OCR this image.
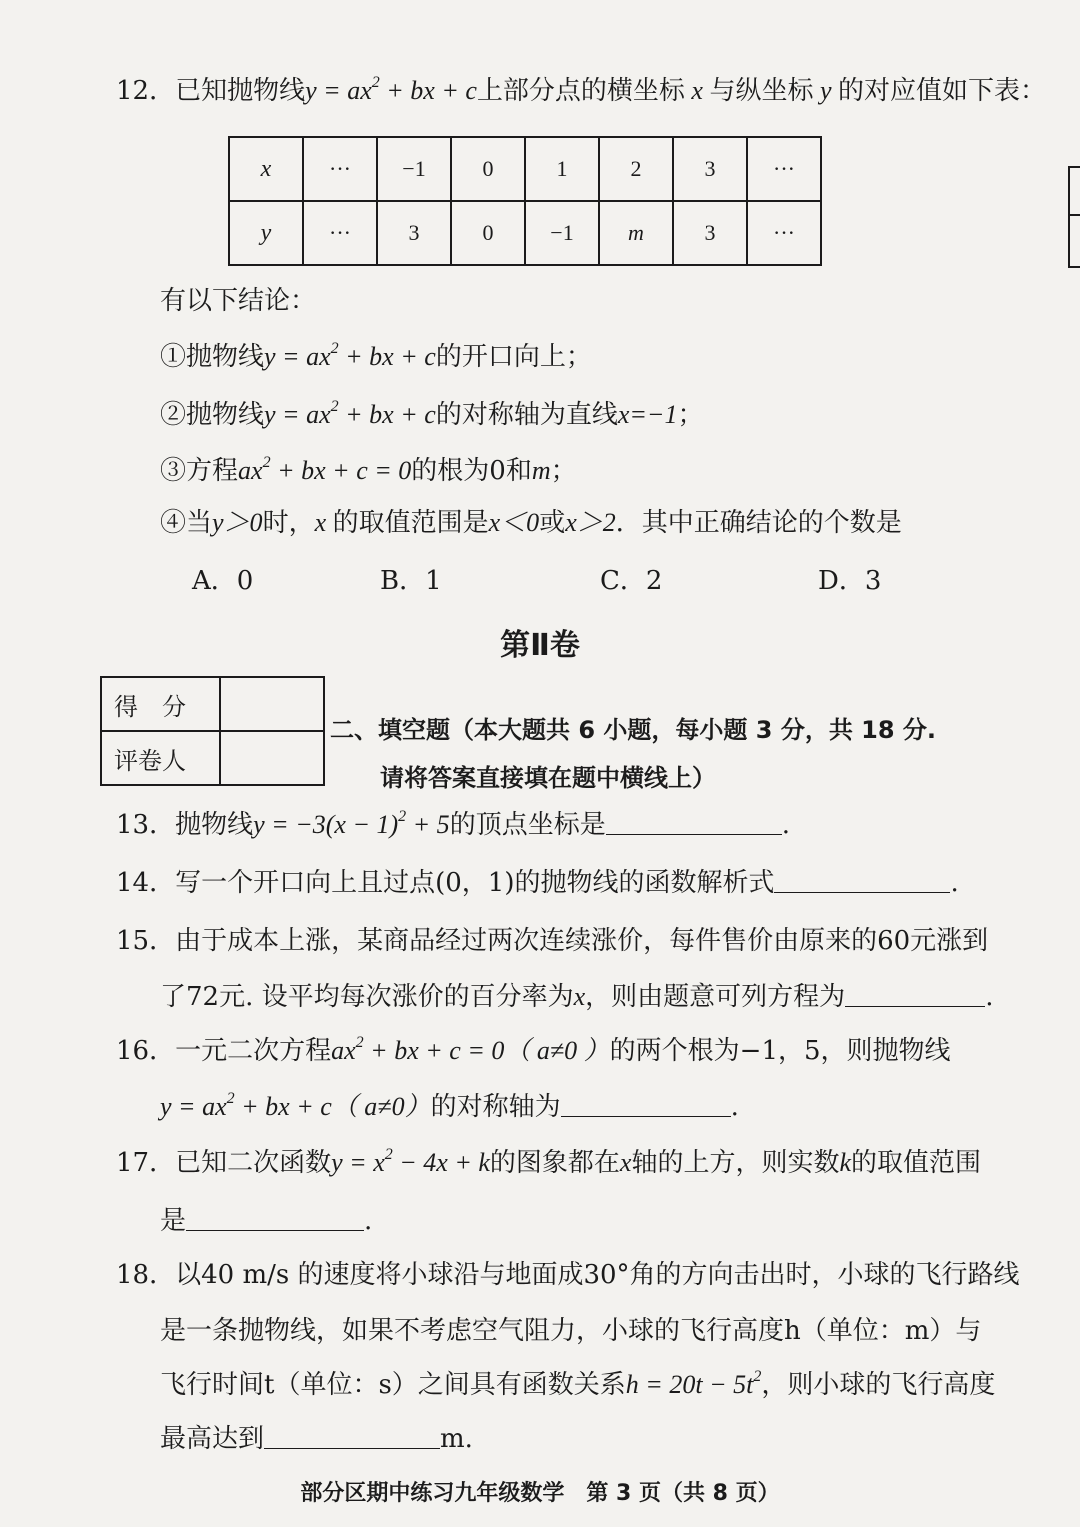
12．已知抛物线$y = ax^2$ + bx + c上部分点的横坐标 x 与纵坐标 y 的对应值如下表：
x	···	−1	0	1	2	3	···
y	···	3	0	−1	m	3	···
有以下结论：
①抛物线$y = ax^2$ + bx + c的开口向上；
②抛物线$y = ax^2$ + bx + c的对称轴为直线x=−1；
③方程$ax^2$ + bx + c = 0的根为0和m；
④当y＞0时，x 的取值范围是x＜0或x＞2．其中正确结论的个数是
A．0	B．1	C．2	D．3
第Ⅱ卷
得　分	
评卷人	
二、填空题（本大题共 6 小题，每小题 3 分，共 18 分.
请将答案直接填在题中横线上）
13．抛物线$y = -3(x - 1)^2 + 5$的顶点坐标是	.
14．写一个开口向上且过点(0，1)的抛物线的函数解析式	.
15．由于成本上涨，某商品经过两次连续涨价，每件售价由原来的60元涨到
了72元. 设平均每次涨价的百分率为x，则由题意可列方程为	.
16．一元二次方程$ax^2$ + bx + c = 0（ a≠0 ）的两个根为−1，5，则抛物线
$y = ax^2$ + bx + c（ a≠0）的对称轴为	.
17．已知二次函数$y = x^2 - 4x + k$的图象都在x轴的上方，则实数k的取值范围
是	.
18．以40 m/s 的速度将小球沿与地面成30°角的方向击出时，小球的飞行路线
是一条抛物线，如果不考虑空气阻力，小球的飞行高度h（单位：m）与
飞行时间t（单位：s）之间具有函数关系$h = 20t - 5t^2$，则小球的飞行高度
最高达到	m.
部分区期中练习九年级数学　第 3 页（共 8 页）
